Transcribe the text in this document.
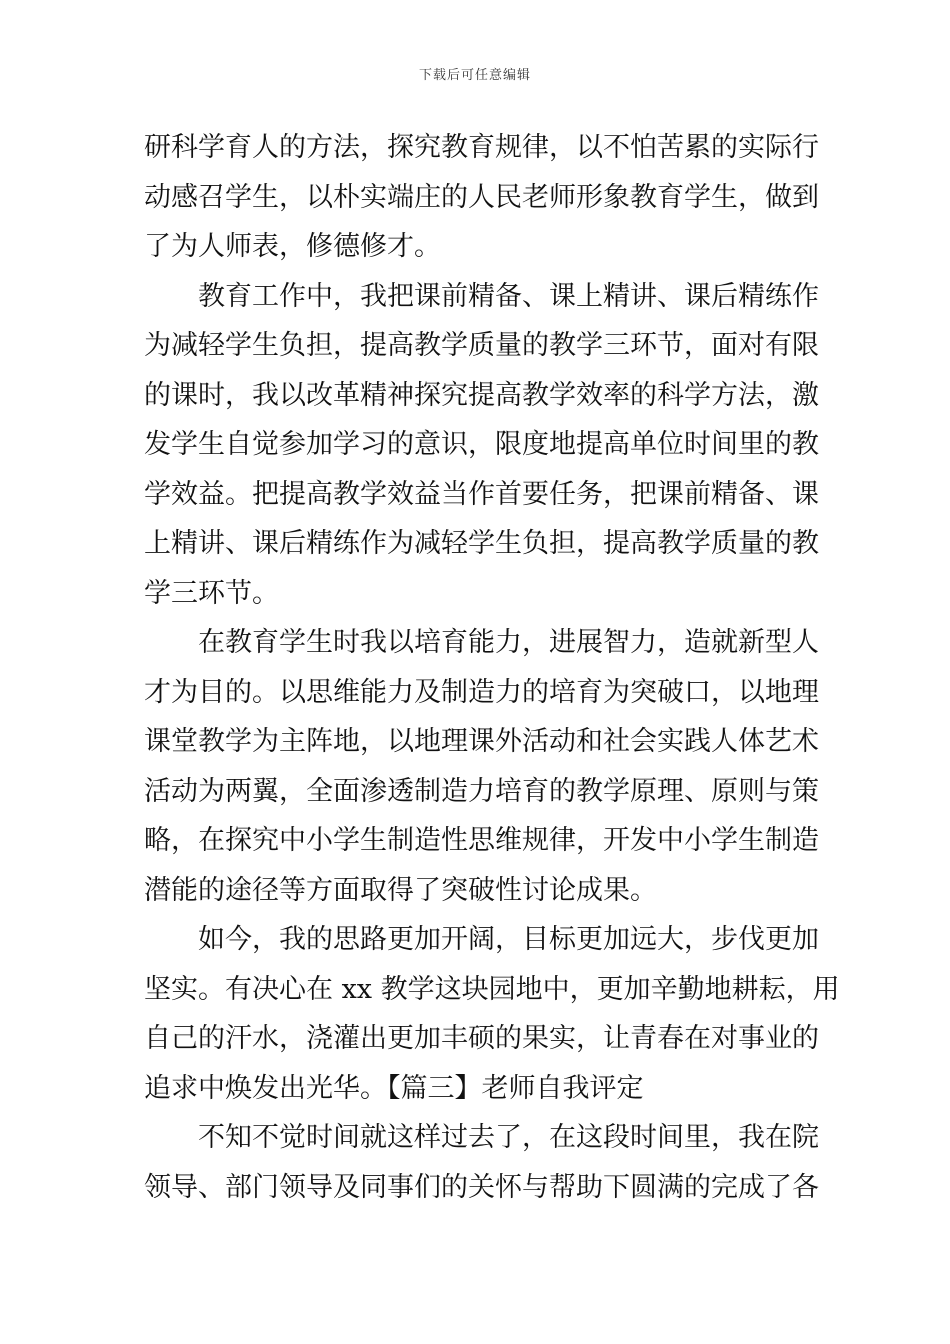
下载后可任意编辑
研科学育人的方法，探究教育规律，以不怕苦累的实际行
动感召学生，以朴实端庄的人民老师形象教育学生，做到
了为人师表，修德修才。
教育工作中，我把课前精备、课上精讲、课后精练作
为减轻学生负担，提高教学质量的教学三环节，面对有限
的课时，我以改革精神探究提高教学效率的科学方法，激
发学生自觉参加学习的意识，限度地提高单位时间里的教
学效益。把提高教学效益当作首要任务，把课前精备、课
上精讲、课后精练作为减轻学生负担，提高教学质量的教
学三环节。
在教育学生时我以培育能力，进展智力，造就新型人
才为目的。以思维能力及制造力的培育为突破口，以地理
课堂教学为主阵地，以地理课外活动和社会实践人体艺术
活动为两翼，全面渗透制造力培育的教学原理、原则与策
略，在探究中小学生制造性思维规律，开发中小学生制造
潜能的途径等方面取得了突破性讨论成果。
如今，我的思路更加开阔，目标更加远大，步伐更加
坚实。有决心在 xx 教学这块园地中，更加辛勤地耕耘，用
自己的汗水，浇灌出更加丰硕的果实，让青春在对事业的
追求中焕发出光华。【篇三】老师自我评定
不知不觉时间就这样过去了，在这段时间里，我在院
领导、部门领导及同事们的关怀与帮助下圆满的完成了各
